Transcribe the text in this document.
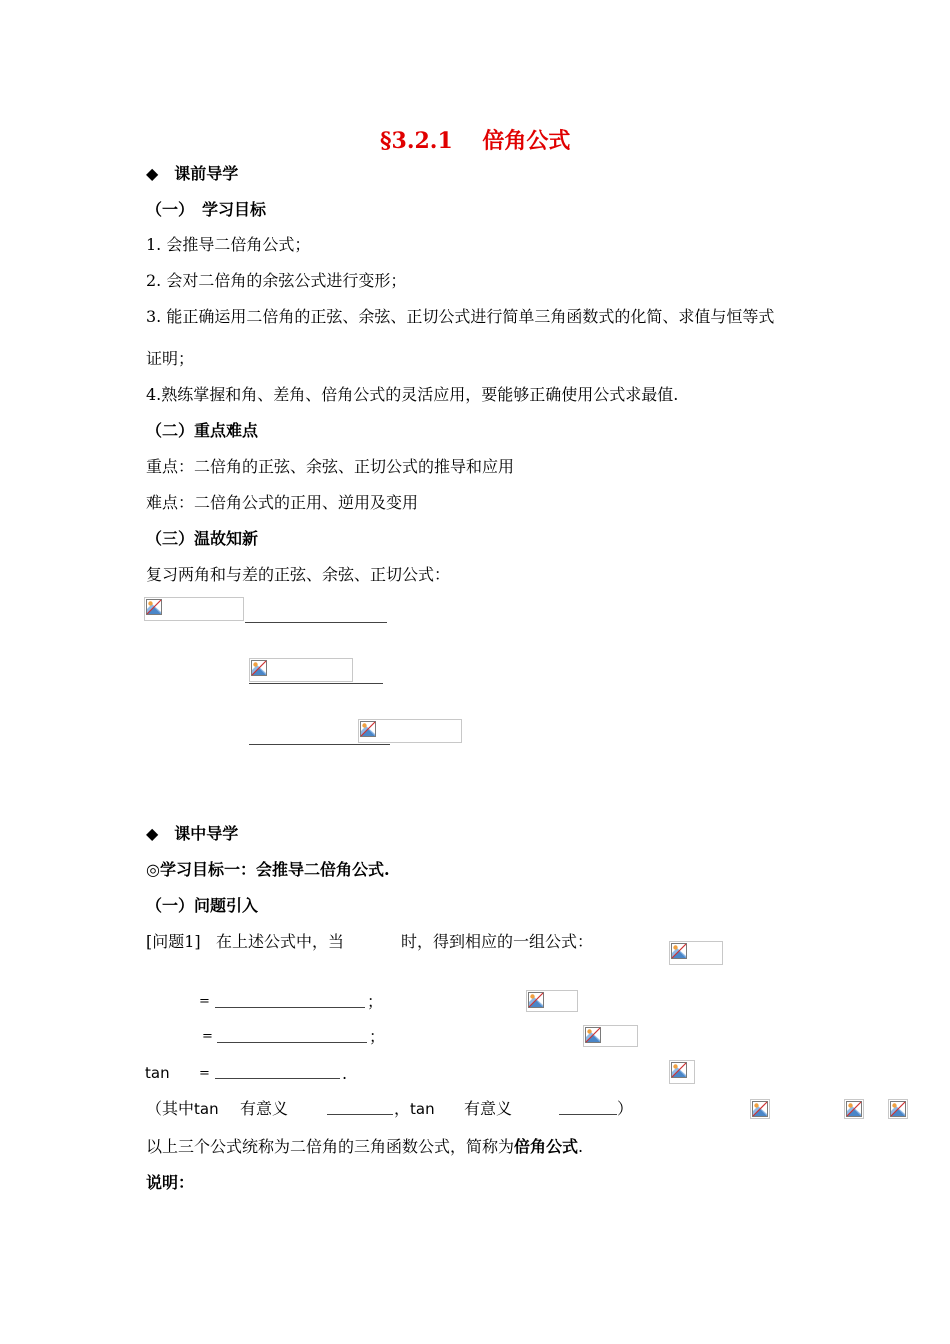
§3.2.1　 倍角公式
◆　课前导学
（一）　学习目标
1. 会推导二倍角公式；
2. 会对二倍角的余弦公式进行变形；
3. 能正确运用二倍角的正弦、余弦、正切公式进行简单三角函数式的化简、求值与恒等式
证明；
4.熟练掌握和角、差角、倍角公式的灵活应用，要能够正确使用公式求最值.
（二）重点难点
重点：二倍角的正弦、余弦、正切公式的推导和应用
难点：二倍角公式的正用、逆用及变用
（三）温故知新
复习两角和与差的正弦、余弦、正切公式：

◆　课中导学
◎学习目标一：会推导二倍角公式.
（一）问题引入
[问题1] 在上述公式中，当
	时，得到相应的一组公式：

=	；

=	；
tan
=	.
（其中 tan
有意义

	， tan
有意义
	）
以上三个公式统称为二倍角的三角函数公式，简称为倍角公式.
说明：
